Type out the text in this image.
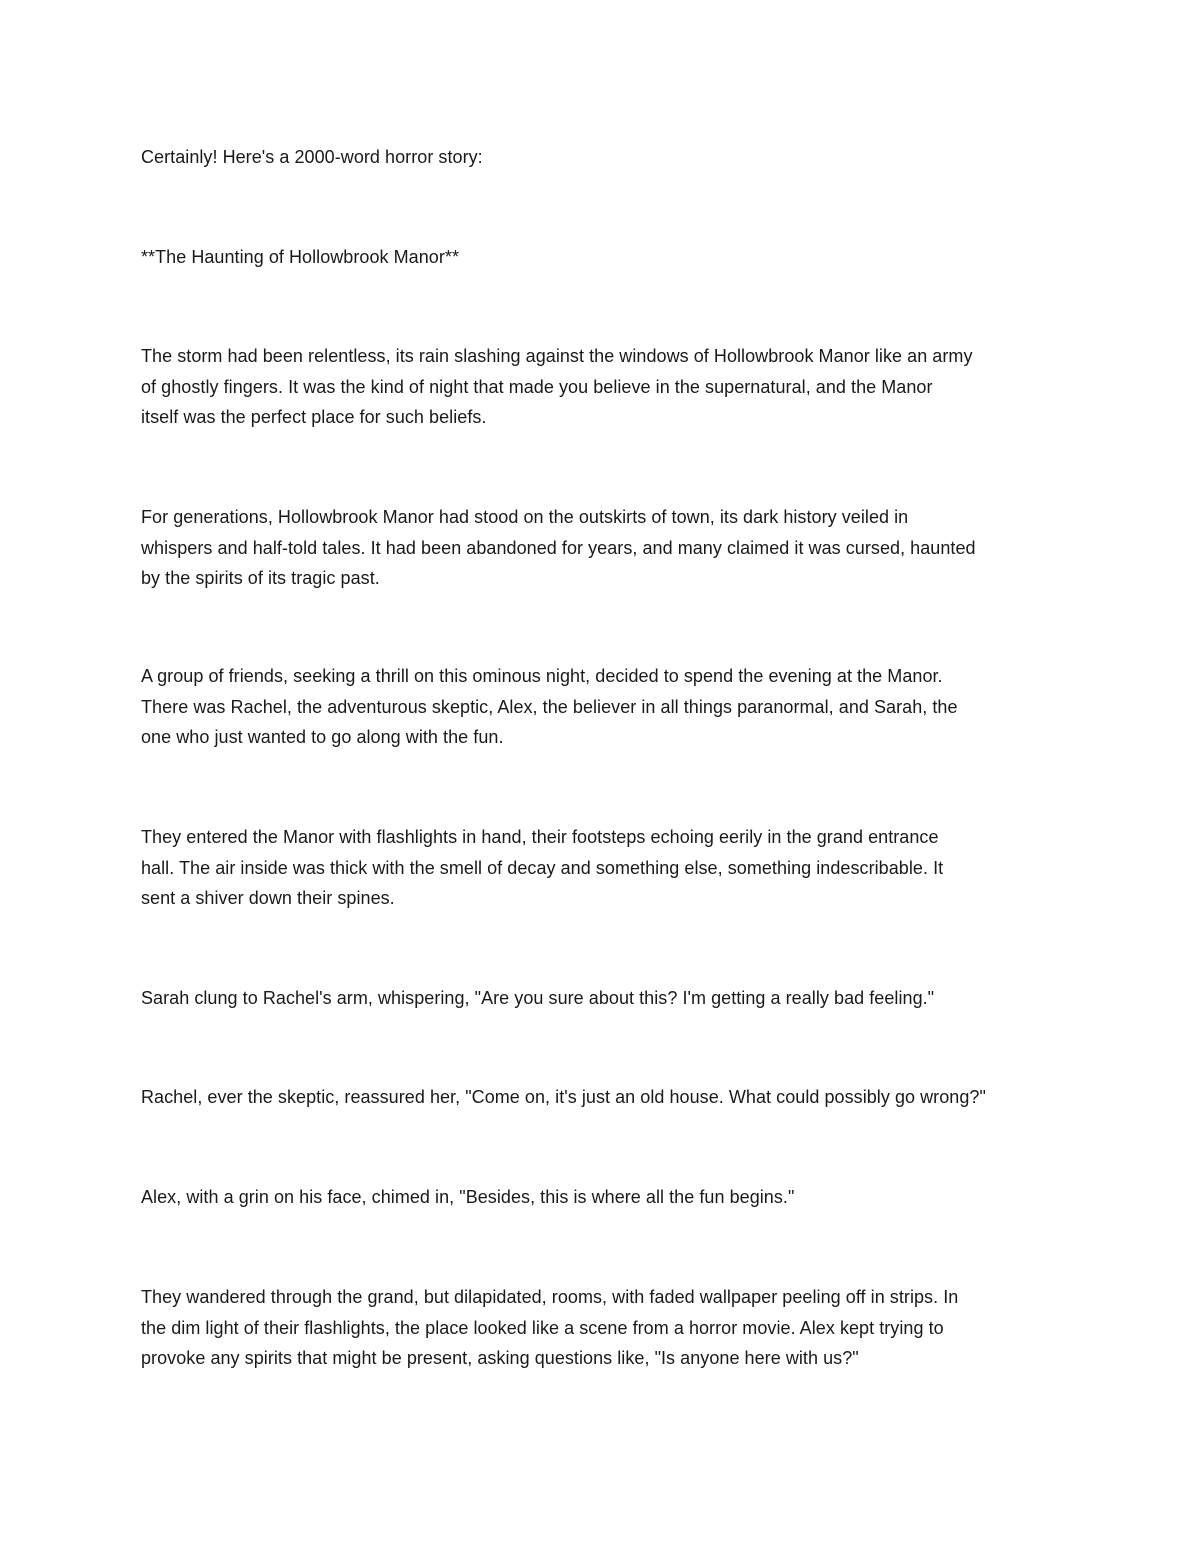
Certainly! Here's a 2000-word horror story:

**The Haunting of Hollowbrook Manor**

The storm had been relentless, its rain slashing against the windows of Hollowbrook Manor like an army
of ghostly fingers. It was the kind of night that made you believe in the supernatural, and the Manor
itself was the perfect place for such beliefs.

For generations, Hollowbrook Manor had stood on the outskirts of town, its dark history veiled in
whispers and half-told tales. It had been abandoned for years, and many claimed it was cursed, haunted
by the spirits of its tragic past.

A group of friends, seeking a thrill on this ominous night, decided to spend the evening at the Manor.
There was Rachel, the adventurous skeptic, Alex, the believer in all things paranormal, and Sarah, the
one who just wanted to go along with the fun.

They entered the Manor with flashlights in hand, their footsteps echoing eerily in the grand entrance
hall. The air inside was thick with the smell of decay and something else, something indescribable. It
sent a shiver down their spines.

Sarah clung to Rachel's arm, whispering, "Are you sure about this? I'm getting a really bad feeling."

Rachel, ever the skeptic, reassured her, "Come on, it's just an old house. What could possibly go wrong?"

Alex, with a grin on his face, chimed in, "Besides, this is where all the fun begins."

They wandered through the grand, but dilapidated, rooms, with faded wallpaper peeling off in strips. In
the dim light of their flashlights, the place looked like a scene from a horror movie. Alex kept trying to
provoke any spirits that might be present, asking questions like, "Is anyone here with us?"
